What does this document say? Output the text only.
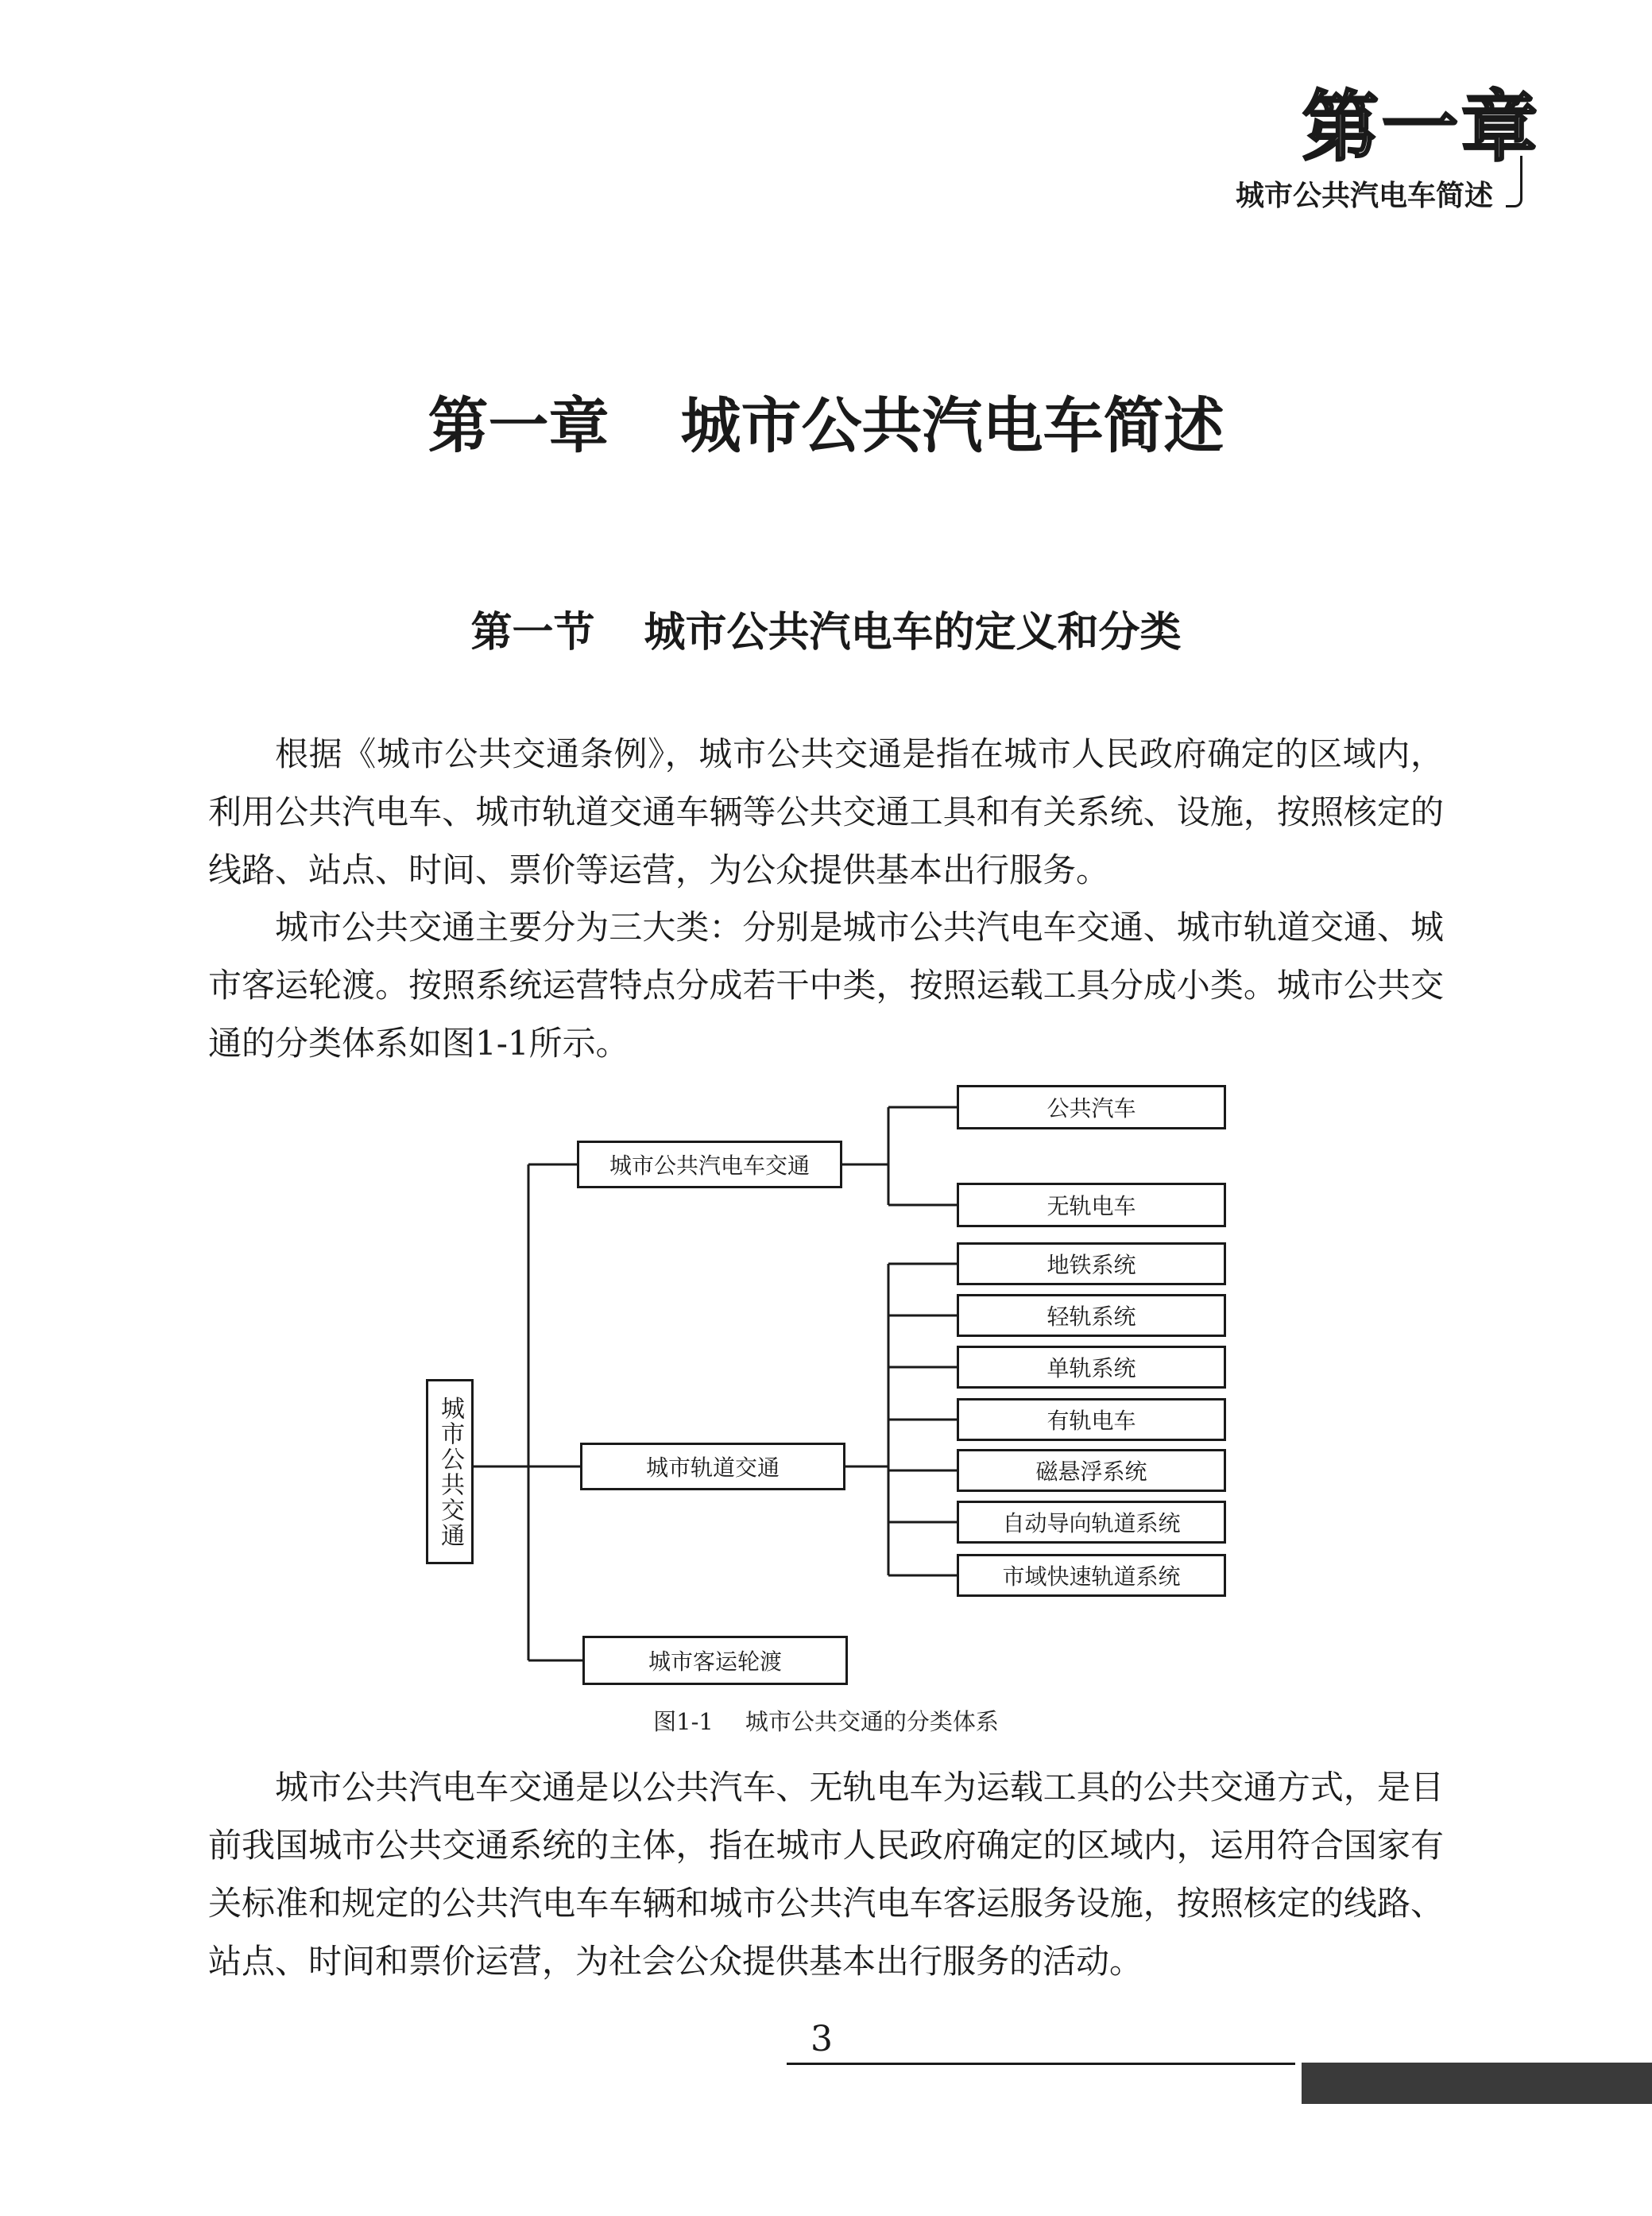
第一章
城市公共汽电车简述
第一章 城市公共汽电车简述
第一节 城市公共汽电车的定义和分类

根据《城市公共交通条例》，城市公共交通是指在城市人民政府确定的区域内，利用公共汽电车、城市轨道交通车辆等公共交通工具和有关系统、设施，按照核定的线路、站点、时间、票价等运营，为公众提供基本出行服务。

城市公共交通主要分为三大类：分别是城市公共汽电车交通、城市轨道交通、城市客运轮渡。按照系统运营特点分成若干中类，按照运载工具分成小类。城市公共交通的分类体系如图1-1所示。

城市公共交通
城市公共汽电车交通
城市轨道交通
城市客运轮渡
公共汽车
无轨电车
地铁系统
轻轨系统
单轨系统
有轨电车
磁悬浮系统
自动导向轨道系统
市域快速轨道系统
图1-1 城市公共交通的分类体系

城市公共汽电车交通是以公共汽车、无轨电车为运载工具的公共交通方式，是目前我国城市公共交通系统的主体，指在城市人民政府确定的区域内，运用符合国家有关标准和规定的公共汽电车车辆和城市公共汽电车客运服务设施，按照核定的线路、站点、时间和票价运营，为社会公众提供基本出行服务的活动。

3
